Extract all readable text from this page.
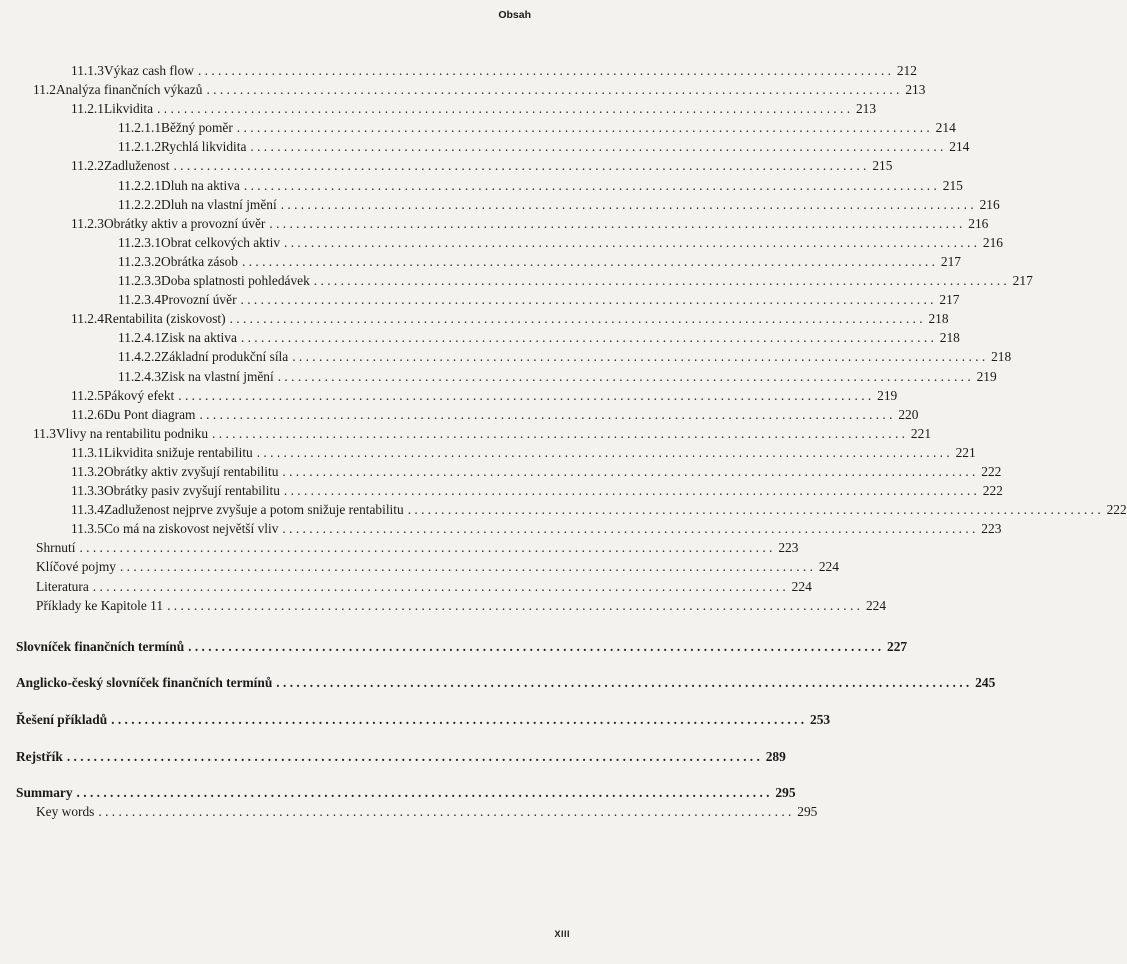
Obsah
11.1.3 Výkaz cash flow . . .	212
11.2 Analýza finančních výkazů . . .	213
11.2.1 Likvidita . . .	213
11.2.1.1 Běžný poměr . . .	214
11.2.1.2 Rychlá likvidita . . .	214
11.2.2 Zadluženost . . .	215
11.2.2.1 Dluh na aktiva . . .	215
11.2.2.2 Dluh na vlastní jmění . . .	216
11.2.3 Obrátky aktiv a provozní úvěr . . .	216
11.2.3.1 Obrat celkových aktiv . . .	216
11.2.3.2 Obrátka zásob . . .	217
11.2.3.3 Doba splatnosti pohledávek . . .	217
11.2.3.4 Provozní úvěr . . .	217
11.2.4 Rentabilita (ziskovost) . . .	218
11.2.4.1 Zisk na aktiva . . .	218
11.4.2.2 Základní produkční síla . . .	218
11.2.4.3 Zisk na vlastní jmění . . .	219
11.2.5 Pákový efekt . . .	219
11.2.6 Du Pont diagram . . .	220
11.3 Vlivy na rentabilitu podniku . . .	221
11.3.1 Likvidita snižuje rentabilitu . . .	221
11.3.2 Obrátky aktiv zvyšují rentabilitu . . .	222
11.3.3 Obrátky pasiv zvyšují rentabilitu . . .	222
11.3.4 Zadluženost nejprve zvyšuje a potom snižuje rentabilitu . . .	222
11.3.5 Co má na ziskovost největší vliv . . .	223
Shrnutí . . .	223
Klíčové pojmy . . .	224
Literatura . . .	224
Příklady ke Kapitole 11 . . .	224
Slovníček finančních termínů . . .	227
Anglicko-český slovníček finančních termínů . . .	245
Řešení příkladů . . .	253
Rejstřík . . .	289
Summary . . .	295
Key words . . .	295
XIII
